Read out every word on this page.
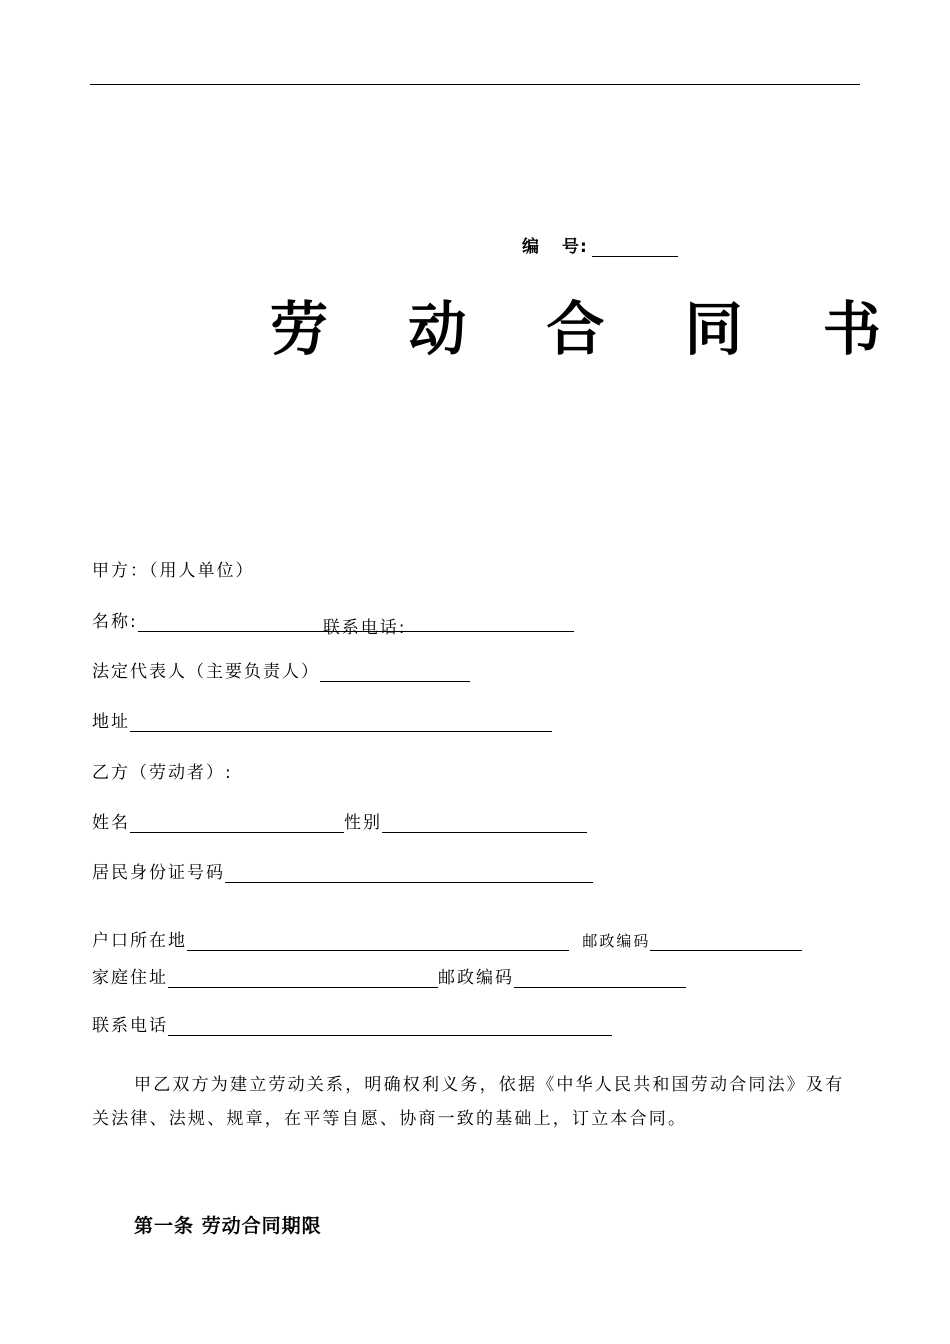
编 号:
劳 动 合 同 书
甲方：（用人单位）
名称:	联系电话:
法定代表人（主要负责人）
地址
乙方（劳动者）:
姓名	性别
居民身份证号码
户口所在地	邮政编码
家庭住址	邮政编码
联系电话
甲乙双方为建立劳动关系，明确权利义务，依据《中华人民共和国劳动合同法》及有
关法律、法规、规章，在平等自愿、协商一致的基础上，订立本合同。
第一条 劳动合同期限
